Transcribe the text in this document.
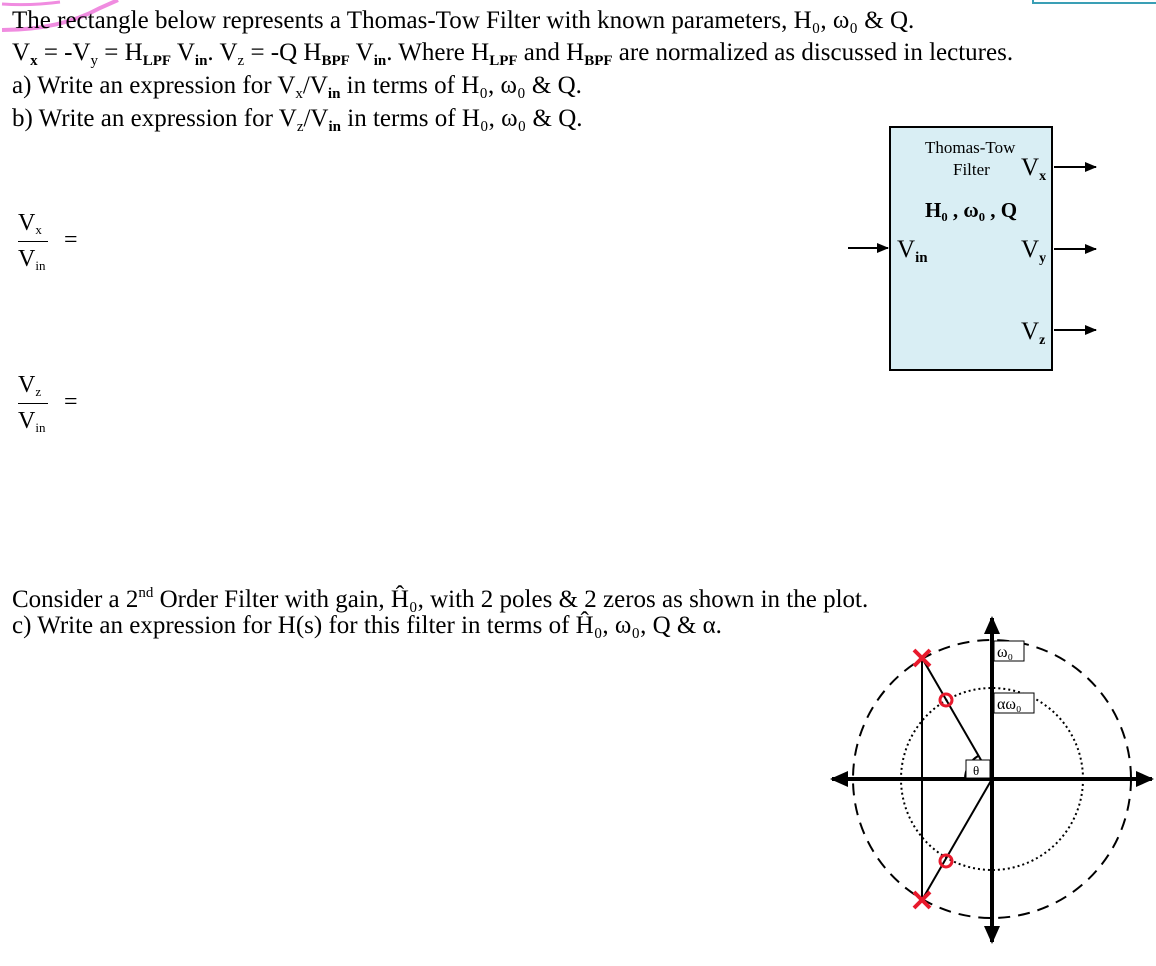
The rectangle below represents a Thomas-Tow Filter with known parameters, H₀, ω₀ & Q.
$V_x = -V_y = H_{LPF}$ $V_{in}$. $V_z = -Q$ $H_{BPF}$ $V_{in}$. Where $H_{LPF}$ and $H_{BPF}$ are normalized as discussed in lectures.
a) Write an expression for $V_x/V_{in}$ in terms of H₀, ω₀ & Q.
b) Write an expression for $V_z/V_{in}$ in terms of H₀, ω₀ & Q.
Vx
Vin
=
Vz
Vin
=
Thomas-Tow
Filter $V_x$
H₀ , ω₀ , Q
$V_{in}$	$V_y$
$V_z$
Consider a 2nd Order Filter with gain, Ĥ₀, with 2 poles & 2 zeros as shown in the plot.
c) Write an expression for H(s) for this filter in terms of Ĥ₀, ω₀, Q & α.
ω₀
αω₀
θ
